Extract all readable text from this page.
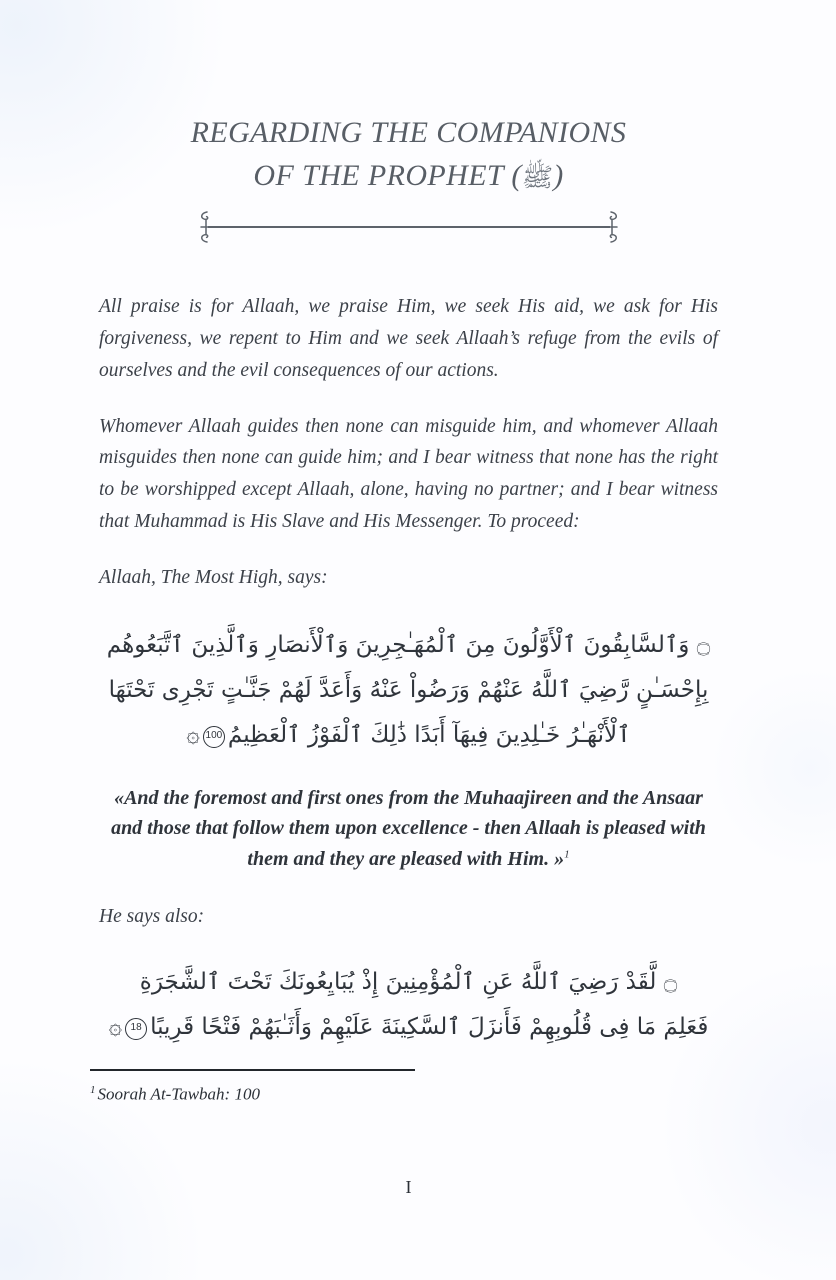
REGARDING THE COMPANIONS
OF THE PROPHET (ﷺ)

All praise is for Allaah, we praise Him, we seek His aid, we ask for His forgiveness, we repent to Him and we seek Allaah’s refuge from the evils of ourselves and the evil consequences of our actions.

Whomever Allaah guides then none can misguide him, and whomever Allaah misguides then none can guide him; and I bear witness that none has the right to be worshipped except Allaah, alone, having no partner; and I bear witness that Muhammad is His Slave and His Messenger. To proceed:

Allaah, The Most High, says:

۝ وَٱلسَّابِقُونَ ٱلْأَوَّلُونَ مِنَ ٱلْمُهَـٰجِرِينَ وَٱلْأَنصَارِ وَٱلَّذِينَ ٱتَّبَعُوهُم
بِإِحْسَـٰنٍ رَّضِيَ ٱللَّهُ عَنْهُمْ وَرَضُواْ عَنْهُ وَأَعَدَّ لَهُمْ جَنَّـٰتٍ تَجْرِى تَحْتَهَا
ٱلْأَنْهَـٰرُ خَـٰلِدِينَ فِيهَآ أَبَدًا ذَٰلِكَ ٱلْفَوْزُ ٱلْعَظِيمُ100۞
«And the foremost and first ones from the Muhaajireen and the Ansaar and those that follow them upon excellence - then Allaah is pleased with them and they are pleased with Him. »$^1$

He says also:

۝ لَّقَدْ رَضِيَ ٱللَّهُ عَنِ ٱلْمُؤْمِنِينَ إِذْ يُبَايِعُونَكَ تَحْتَ ٱلشَّجَرَةِ
فَعَلِمَ مَا فِى قُلُوبِهِمْ فَأَنزَلَ ٱلسَّكِينَةَ عَلَيْهِمْ وَأَثَـٰبَهُمْ فَتْحًا قَرِيبًا18۞
$^1$ Soorah At-Tawbah: 100
I
